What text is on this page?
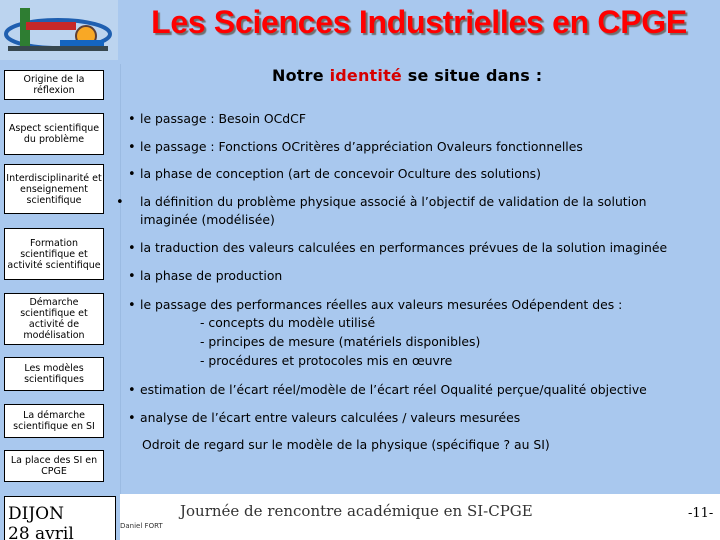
Les Sciences Industrielles en CPGE
Origine de la réflexion
Aspect scientifique du problème
Interdisciplinarité et enseignement scientifique
Formation scientifique et activité scientifique
Démarche scientifique et activité de modélisation
Les modèles scientifiques
La démarche scientifique en SI
La place des SI en CPGE
DIJON
28 avril
Notre identité se situe dans :
• le passage : Besoin OCdCF
• le passage : Fonctions OCritères d’appréciation Ovaleurs fonctionnelles
• la phase de conception (art de concevoir Oculture des solutions)
• la définition du problème physique associé à l’objectif de validation de la solution imaginée (modélisée)
• la traduction des valeurs calculées en performances prévues de la solution imaginée
• la phase de production
• le passage des performances réelles aux valeurs mesurées Odépendent des :
- concepts du modèle utilisé
- principes de mesure (matériels disponibles)
- procédures et protocoles mis en œuvre
• estimation de l’écart réel/modèle de l’écart réel Oqualité perçue/qualité objective
• analyse de l’écart entre valeurs calculées / valeurs mesurées
Odroit de regard sur le modèle de la physique (spécifique ? au SI)
Journée de rencontre académique en SI-CPGE
Daniel FORT
-11-
